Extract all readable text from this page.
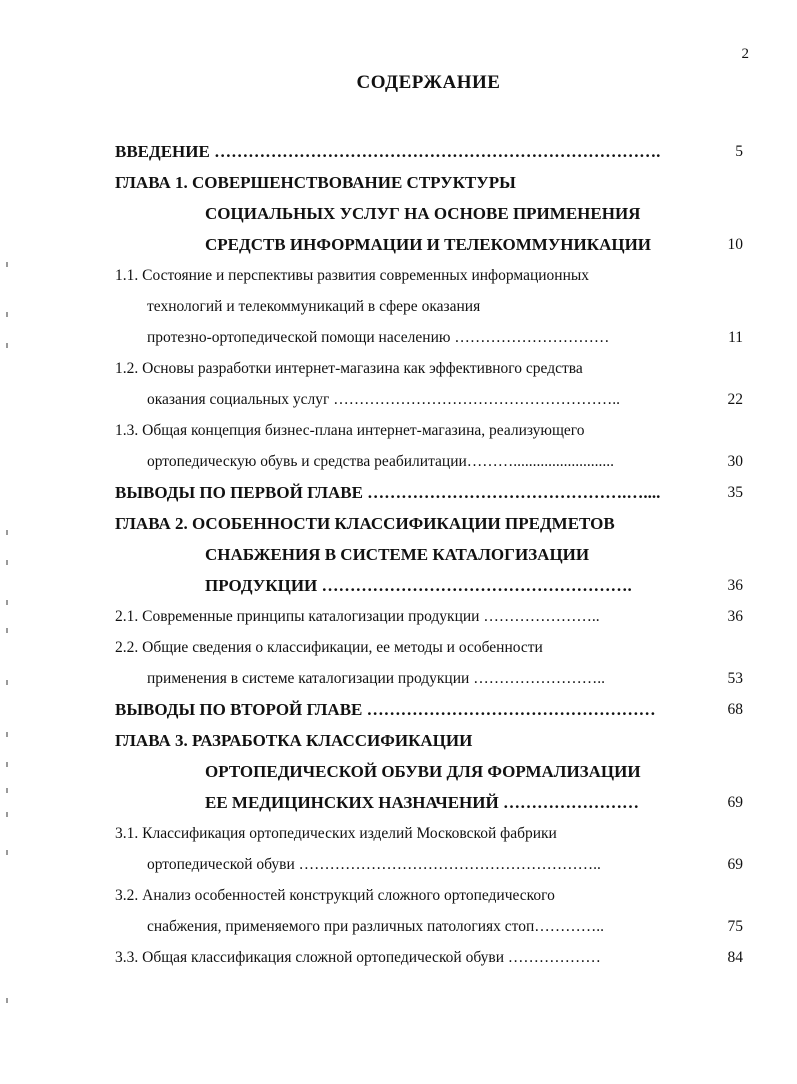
2
СОДЕРЖАНИЕ
ВВЕДЕНИЕ …………………………………………………………………….	5
ГЛАВА 1. СОВЕРШЕНСТВОВАНИЕ СТРУКТУРЫ
СОЦИАЛЬНЫХ УСЛУГ НА ОСНОВЕ ПРИМЕНЕНИЯ
СРЕДСТВ ИНФОРМАЦИИ И ТЕЛЕКОММУНИКАЦИИ	10
1.1. Состояние и перспективы развития современных информационных
технологий и телекоммуникаций в сфере оказания
протезно-ортопедической помощи населению …………………………	11
1.2. Основы разработки интернет-магазина как эффективного средства
оказания социальных услуг ………………………………………………..	22
1.3. Общая концепция бизнес-плана интернет-магазина, реализующего
ортопедическую обувь и средства реабилитации………..........................	30
ВЫВОДЫ ПО ПЕРВОЙ ГЛАВЕ ……………………………………….…....	35
ГЛАВА 2. ОСОБЕННОСТИ КЛАССИФИКАЦИИ ПРЕДМЕТОВ
СНАБЖЕНИЯ В СИСТЕМЕ КАТАЛОГИЗАЦИИ
ПРОДУКЦИИ ……………………………………………….	36
2.1. Современные принципы каталогизации продукции …………………..	36
2.2. Общие сведения о классификации, ее методы и особенности
применения в системе каталогизации продукции ……………………..	53
ВЫВОДЫ ПО ВТОРОЙ ГЛАВЕ ……………………………………………	68
ГЛАВА 3. РАЗРАБОТКА КЛАССИФИКАЦИИ
ОРТОПЕДИЧЕСКОЙ ОБУВИ ДЛЯ ФОРМАЛИЗАЦИИ
ЕЕ МЕДИЦИНСКИХ НАЗНАЧЕНИЙ ……………………	69
3.1. Классификация ортопедических изделий Московской фабрики
ортопедической обуви …………………………………………………..	69
3.2. Анализ особенностей конструкций сложного ортопедического
снабжения, применяемого при различных патологиях стоп…………..	75
3.3. Общая классификация сложной ортопедической обуви ………………	84
